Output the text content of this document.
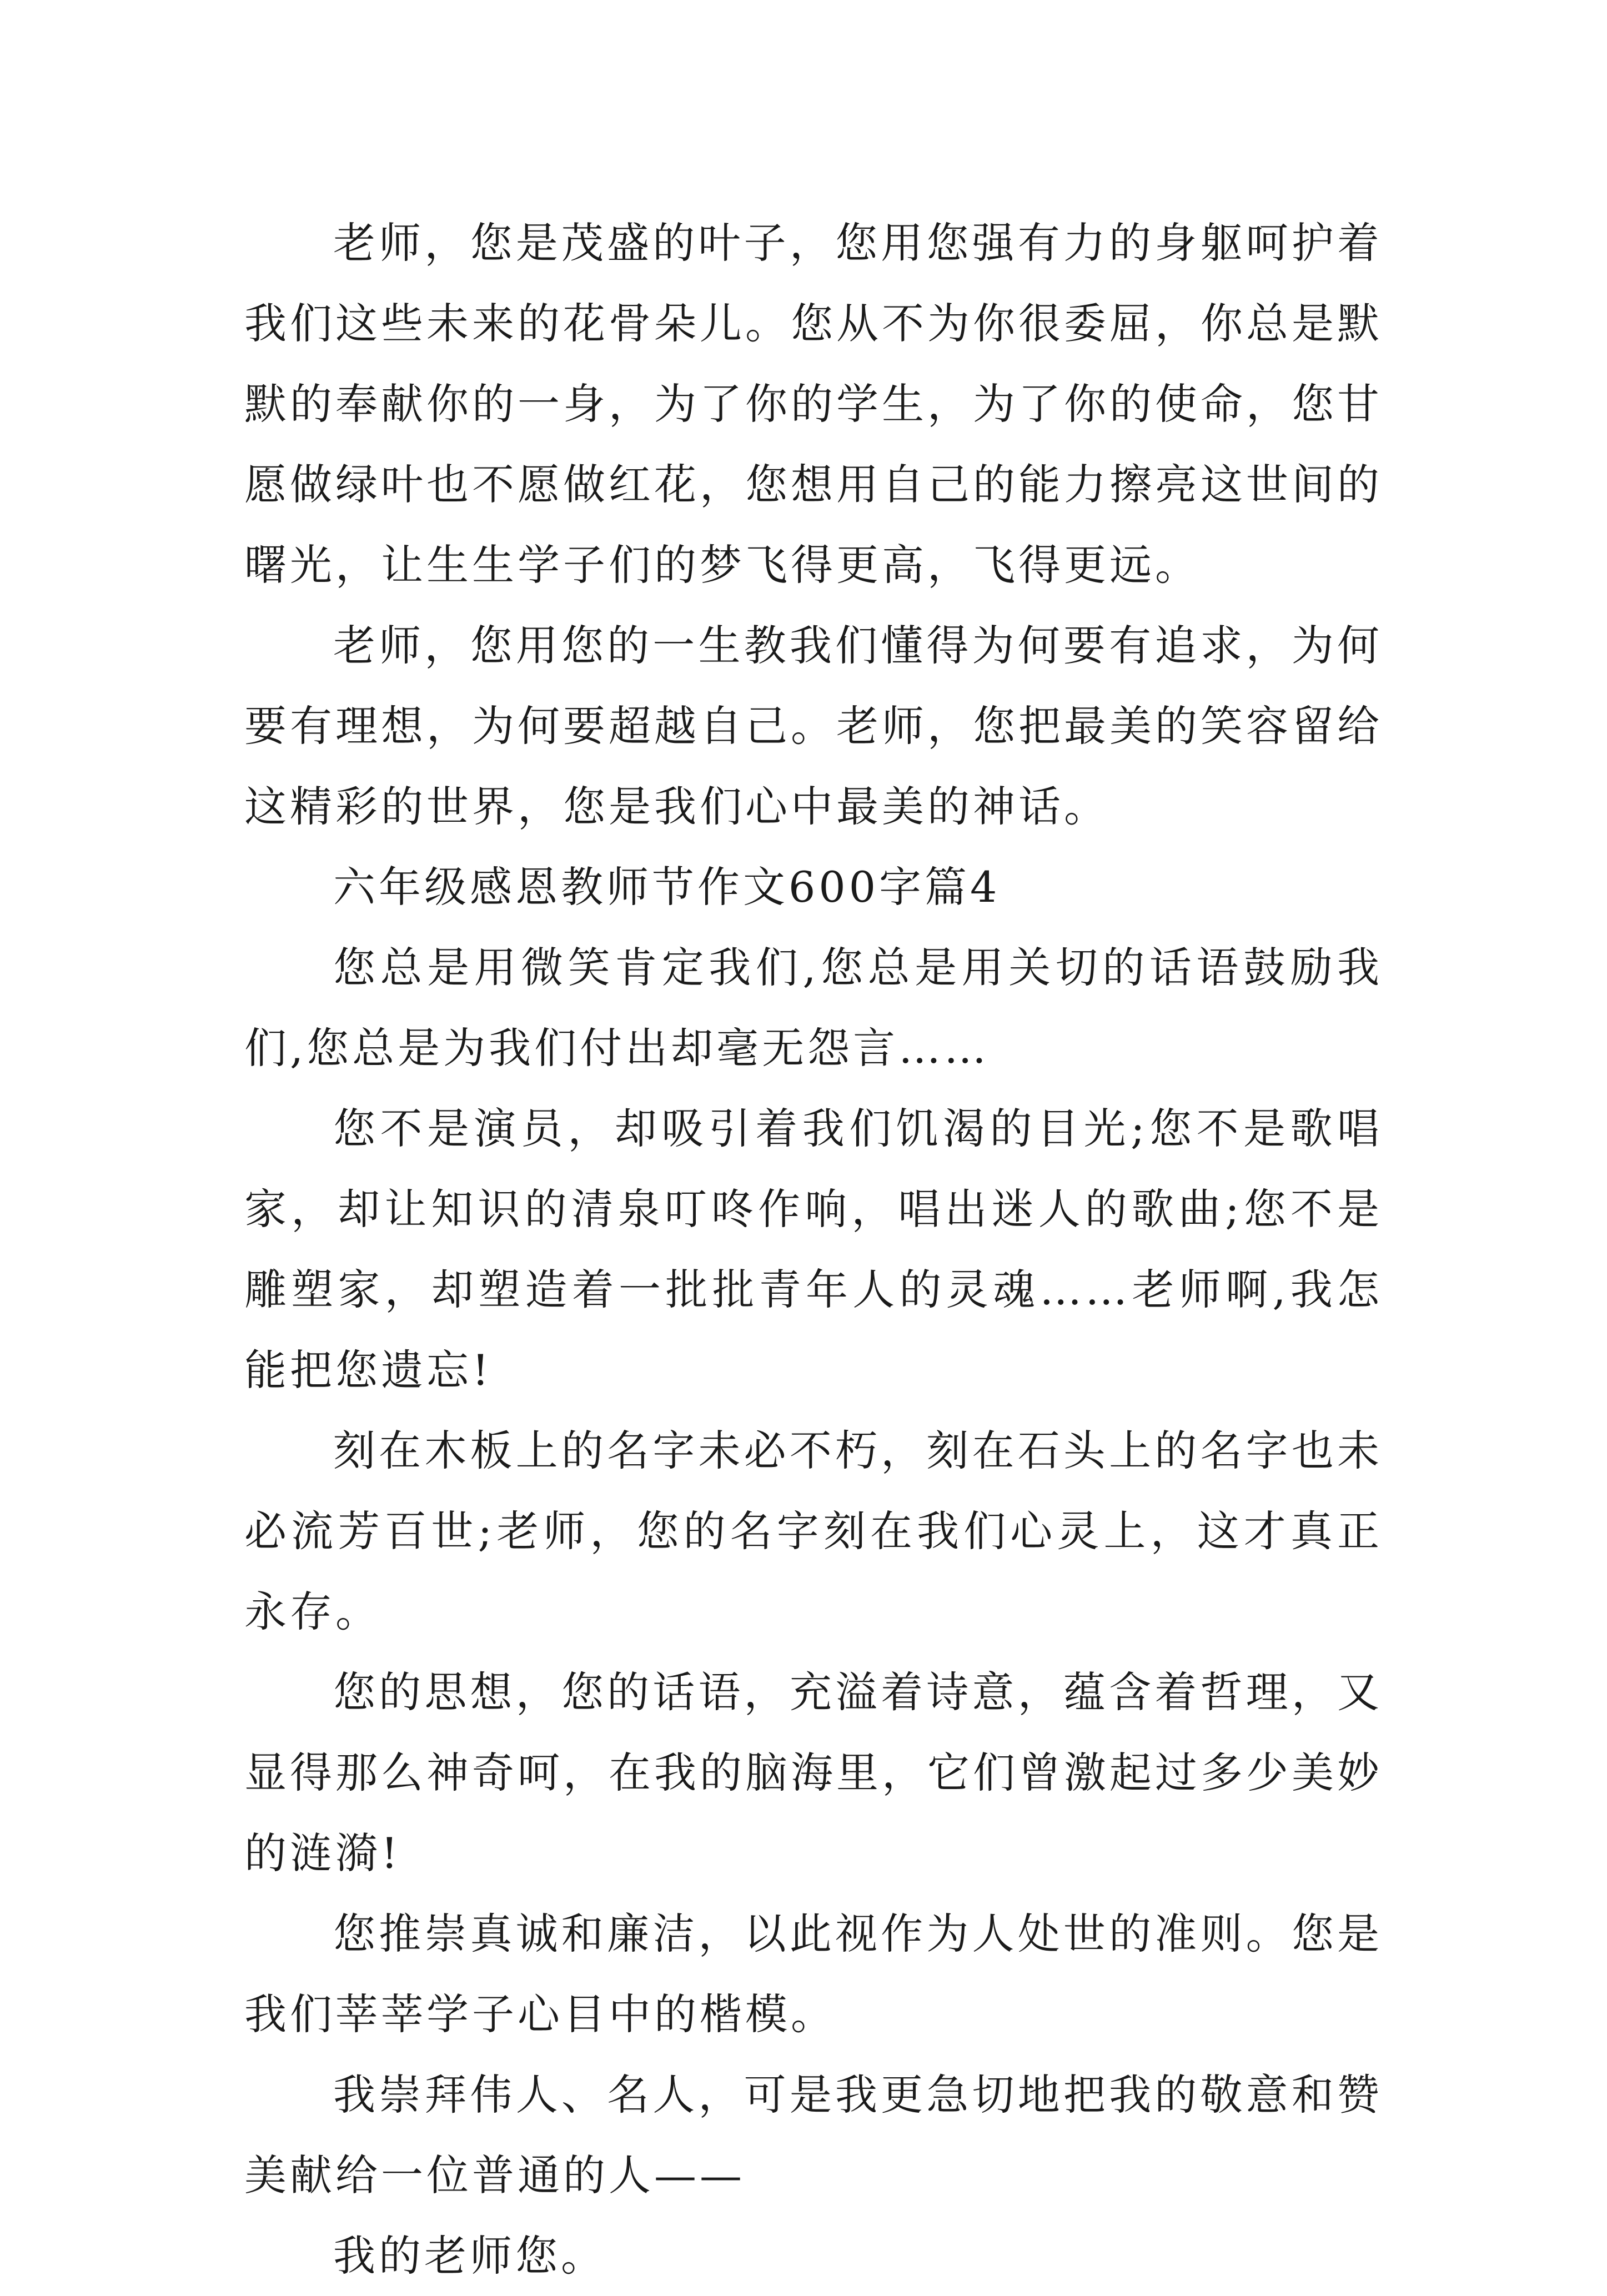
老师，您是茂盛的叶子，您用您强有力的身躯呵护着我们这些未来的花骨朵儿。您从不为你很委屈，你总是默默的奉献你的一身，为了你的学生，为了你的使命，您甘愿做绿叶也不愿做红花，您想用自己的能力擦亮这世间的曙光，让生生学子们的梦飞得更高，飞得更远。

老师，您用您的一生教我们懂得为何要有追求，为何要有理想，为何要超越自己。老师，您把最美的笑容留给这精彩的世界，您是我们心中最美的神话。

六年级感恩教师节作文600字篇4

您总是用微笑肯定我们,您总是用关切的话语鼓励我们,您总是为我们付出却毫无怨言……

您不是演员，却吸引着我们饥渴的目光;您不是歌唱家，却让知识的清泉叮咚作响，唱出迷人的歌曲;您不是雕塑家，却塑造着一批批青年人的灵魂……老师啊,我怎能把您遗忘!

刻在木板上的名字未必不朽，刻在石头上的名字也未必流芳百世;老师，您的名字刻在我们心灵上，这才真正永存。

您的思想，您的话语，充溢着诗意，蕴含着哲理，又显得那么神奇呵，在我的脑海里，它们曾激起过多少美妙的涟漪!

您推崇真诚和廉洁，以此视作为人处世的准则。您是我们莘莘学子心目中的楷模。

我崇拜伟人、名人，可是我更急切地把我的敬意和赞美献给一位普通的人——

我的老师您。
